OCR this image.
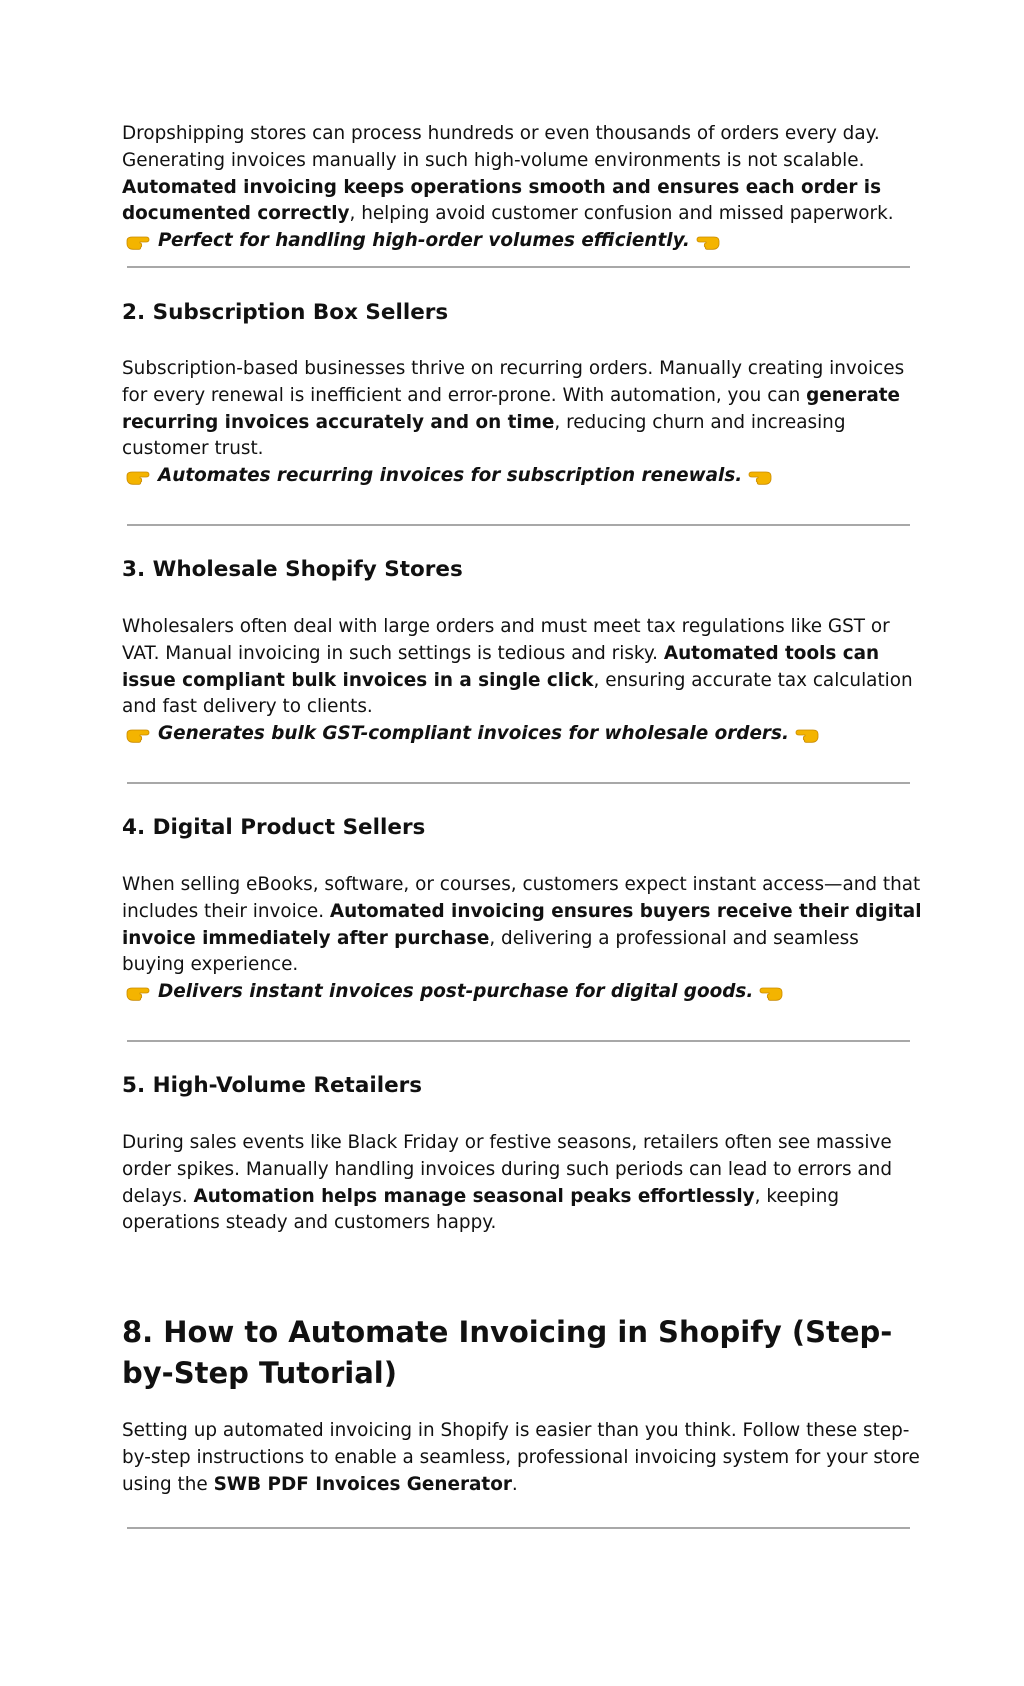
Dropshipping stores can process hundreds or even thousands of orders every day. Generating invoices manually in such high-volume environments is not scalable. Automated invoicing keeps operations smooth and ensures each order is documented correctly, helping avoid customer confusion and missed paperwork.

Perfect for handling high-order volumes efficiently.
2. Subscription Box Sellers

Subscription-based businesses thrive on recurring orders. Manually creating invoices for every renewal is inefficient and error-prone. With automation, you can generate recurring invoices accurately and on time, reducing churn and increasing customer trust.

Automates recurring invoices for subscription renewals.
3. Wholesale Shopify Stores

Wholesalers often deal with large orders and must meet tax regulations like GST or VAT. Manual invoicing in such settings is tedious and risky. Automated tools can issue compliant bulk invoices in a single click, ensuring accurate tax calculation and fast delivery to clients.

Generates bulk GST-compliant invoices for wholesale orders.
4. Digital Product Sellers

When selling eBooks, software, or courses, customers expect instant access—and that includes their invoice. Automated invoicing ensures buyers receive their digital invoice immediately after purchase, delivering a professional and seamless buying experience.

Delivers instant invoices post-purchase for digital goods.
5. High-Volume Retailers

During sales events like Black Friday or festive seasons, retailers often see massive order spikes. Manually handling invoices during such periods can lead to errors and delays. Automation helps manage seasonal peaks effortlessly, keeping operations steady and customers happy.

8. How to Automate Invoicing in Shopify (Step-by-Step Tutorial)

Setting up automated invoicing in Shopify is easier than you think. Follow these step-by-step instructions to enable a seamless, professional invoicing system for your store using the SWB PDF Invoices Generator.
